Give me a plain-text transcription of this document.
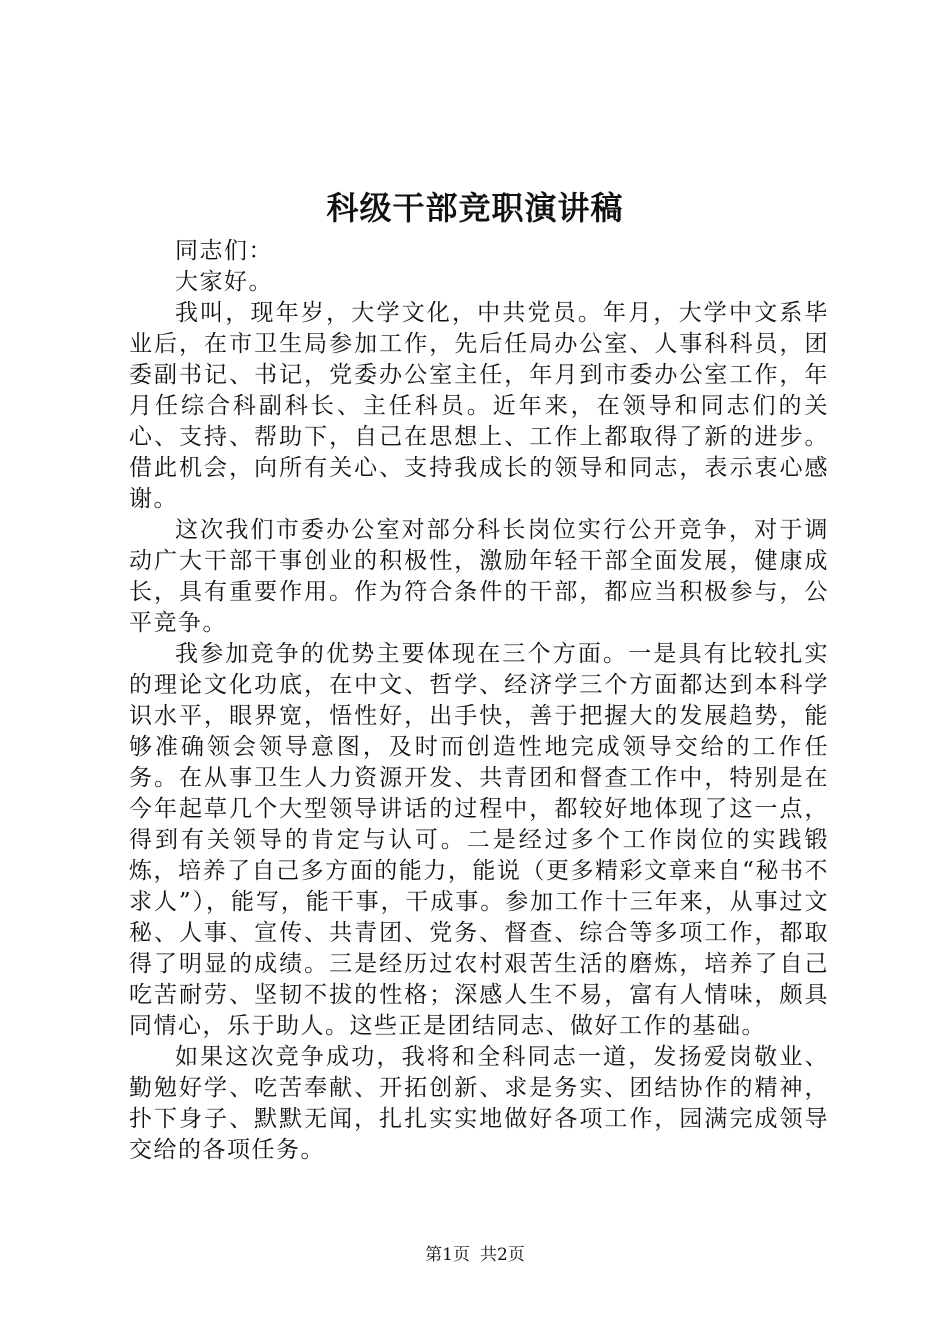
科级干部竞职演讲稿

同志们：

大家好。

我叫，现年岁，大学文化，中共党员。年月，大学中文系毕业后，在市卫生局参加工作，先后任局办公室、人事科科员，团委副书记、书记，党委办公室主任，年月到市委办公室工作，年月任综合科副科长、主任科员。近年来，在领导和同志们的关心、支持、帮助下，自己在思想上、工作上都取得了新的进步。借此机会，向所有关心、支持我成长的领导和同志，表示衷心感谢。

这次我们市委办公室对部分科长岗位实行公开竞争，对于调动广大干部干事创业的积极性，激励年轻干部全面发展，健康成长，具有重要作用。作为符合条件的干部，都应当积极参与，公平竞争。

我参加竞争的优势主要体现在三个方面。一是具有比较扎实的理论文化功底，在中文、哲学、经济学三个方面都达到本科学识水平，眼界宽，悟性好，出手快，善于把握大的发展趋势，能够准确领会领导意图，及时而创造性地完成领导交给的工作任务。在从事卫生人力资源开发、共青团和督查工作中，特别是在今年起草几个大型领导讲话的过程中，都较好地体现了这一点，得到有关领导的肯定与认可。二是经过多个工作岗位的实践锻炼，培养了自己多方面的能力，能说（更多精彩文章来自“秘书不求人”），能写，能干事，干成事。参加工作十三年来，从事过文秘、人事、宣传、共青团、党务、督查、综合等多项工作，都取得了明显的成绩。三是经历过农村艰苦生活的磨炼，培养了自己吃苦耐劳、坚韧不拔的性格；深感人生不易，富有人情味，颇具同情心，乐于助人。这些正是团结同志、做好工作的基础。

如果这次竞争成功，我将和全科同志一道，发扬爱岗敬业、勤勉好学、吃苦奉献、开拓创新、求是务实、团结协作的精神，扑下身子、默默无闻，扎扎实实地做好各项工作，园满完成领导交给的各项任务。

第1页 共2页
